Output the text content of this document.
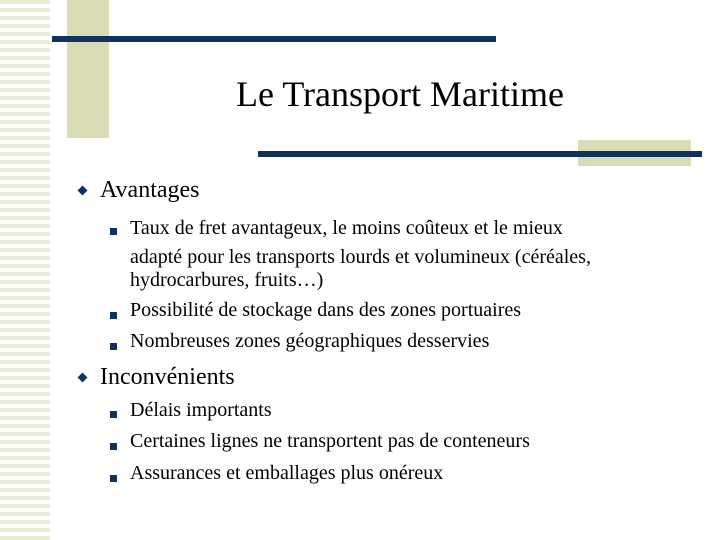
Le Transport Maritime
Avantages
Taux de fret avantageux, le moins coûteux et le mieux
adapté pour les transports lourds et volumineux (céréales,
hydrocarbures, fruits…)
Possibilité de stockage dans des zones portuaires
Nombreuses zones géographiques desservies
Inconvénients
Délais importants
Certaines lignes ne transportent pas de conteneurs
Assurances et emballages plus onéreux
